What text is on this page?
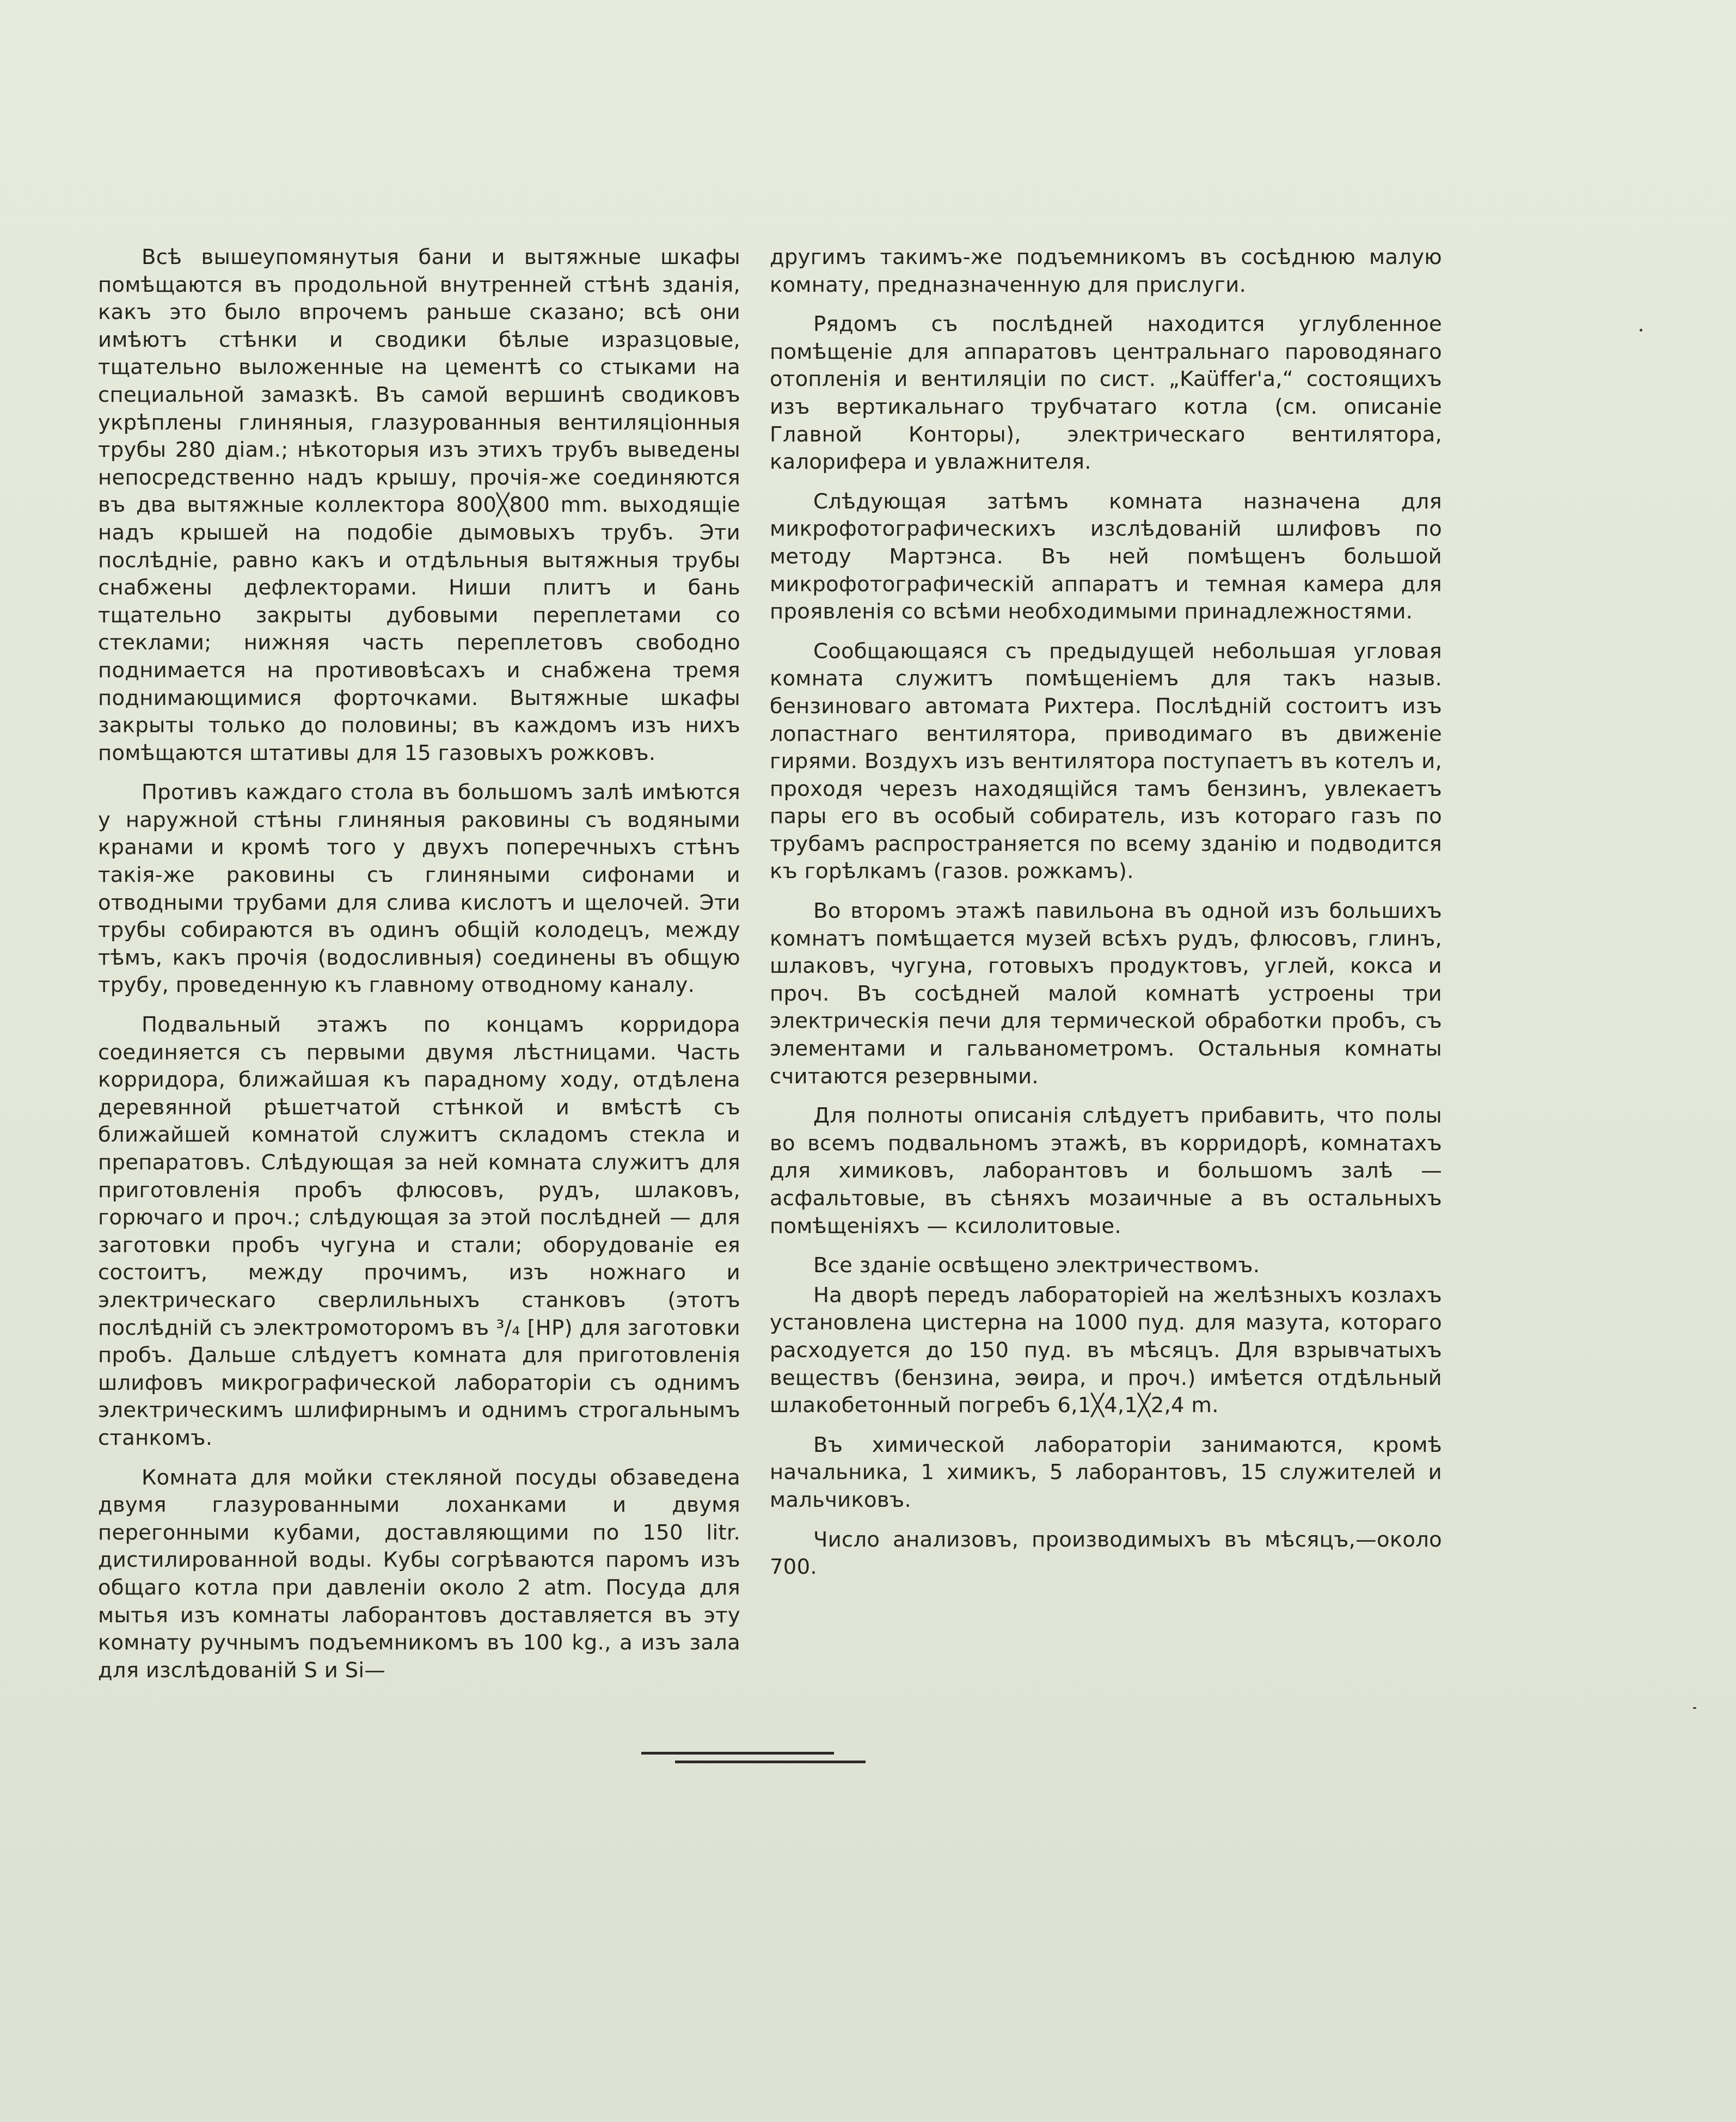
Всѣ вышеупомянутыя бани и вытяжные шкафы помѣщаются въ продольной внутренней стѣнѣ зданія, какъ это было впрочемъ раньше сказано; всѣ они имѣютъ стѣнки и сводики бѣлые изразцовые, тщательно выложенные на цементѣ со стыками на специальной замазкѣ. Въ самой вершинѣ сводиковъ укрѣплены глиняныя, глазурованныя вентиляціонныя трубы 280 діам.; нѣкоторыя изъ этихъ трубъ выведены непосредственно надъ крышу, прочія-же соединяются въ два вытяжные коллектора 800╳800 mm. выходящіе надъ крышей на подобіе дымовыхъ трубъ. Эти послѣдніе, равно какъ и отдѣльныя вытяжныя трубы снабжены дефлекторами. Ниши плитъ и бань тщательно закрыты дубовыми переплетами со стеклами; нижняя часть переплетовъ свободно поднимается на противовѣсахъ и снабжена тремя поднимающимися форточками. Вытяжные шкафы закрыты только до половины; въ каждомъ изъ нихъ помѣщаются штативы для 15 газовыхъ рожковъ.

Противъ каждаго стола въ большомъ залѣ имѣются у наружной стѣны глиняныя раковины съ водяными кранами и кромѣ того у двухъ поперечныхъ стѣнъ такія-же раковины съ глиняными сифонами и отводными трубами для слива кислотъ и щелочей. Эти трубы собираются въ одинъ общій колодецъ, между тѣмъ, какъ прочія (водосливныя) соединены въ общую трубу, проведенную къ главному отводному каналу.

Подвальный этажъ по концамъ корридора соединяется съ первыми двумя лѣстницами. Часть корридора, ближайшая къ парадному ходу, отдѣлена деревянной рѣшетчатой стѣнкой и вмѣстѣ съ ближайшей комнатой служитъ складомъ стекла и препаратовъ. Слѣдующая за ней комната служитъ для приготовленія пробъ флюсовъ, рудъ, шлаковъ, горючаго и проч.; слѣдующая за этой послѣдней — для заготовки пробъ чугуна и стали; оборудованіе ея состоитъ, между прочимъ, изъ ножнаго и электрическаго сверлильныхъ станковъ (этотъ послѣдній съ электромоторомъ въ ³/₄ [HP) для заготовки пробъ. Дальше слѣдуетъ комната для приготовленія шлифовъ микрографической лабораторіи съ однимъ электрическимъ шлифирнымъ и однимъ строгальнымъ станкомъ.

Комната для мойки стекляной посуды обзаведена двумя глазурованными лоханками и двумя перегонными кубами, доставляющими по 150 litr. дистилированной воды. Кубы согрѣваются паромъ изъ общаго котла при давленіи около 2 atm. Посуда для мытья изъ комнаты лаборантовъ доставляется въ эту комнату ручнымъ подъемникомъ въ 100 kg., а изъ зала для изслѣдованій S и Si—

другимъ такимъ-же подъемникомъ въ сосѣднюю малую комнату, предназначенную для прислуги.

Рядомъ съ послѣдней находится углубленное помѣщеніе для аппаратовъ центральнаго пароводянаго отопленія и вентиляціи по сист. „Kaüffer'a,“ состоящихъ изъ вертикальнаго трубчатаго котла (см. описаніе Главной Конторы), электрическаго вентилятора, калорифера и увлажнителя.

Слѣдующая затѣмъ комната назначена для микрофотографическихъ изслѣдованій шлифовъ по методу Мартэнса. Въ ней помѣщенъ большой микрофотографическій аппаратъ и темная камера для проявленія со всѣми необходимыми принадлежностями.

Сообщающаяся съ предыдущей небольшая угловая комната служитъ помѣщеніемъ для такъ назыв. бензиноваго автомата Рихтера. Послѣдній состоитъ изъ лопастнаго вентилятора, приводимаго въ движеніе гирями. Воздухъ изъ вентилятора поступаетъ въ котелъ и, проходя черезъ находящійся тамъ бензинъ, увлекаетъ пары его въ особый собиратель, изъ котораго газъ по трубамъ распространяется по всему зданію и подводится къ горѣлкамъ (газов. рожкамъ).

Во второмъ этажѣ павильона въ одной изъ большихъ комнатъ помѣщается музей всѣхъ рудъ, флюсовъ, глинъ, шлаковъ, чугуна, готовыхъ продуктовъ, углей, кокса и проч. Въ сосѣдней малой комнатѣ устроены три электрическія печи для термической обработки пробъ, съ элементами и гальванометромъ. Остальныя комнаты считаются резервными.

Для полноты описанія слѣдуетъ прибавить, что полы во всемъ подвальномъ этажѣ, въ корридорѣ, комнатахъ для химиковъ, лаборантовъ и большомъ залѣ — асфальтовые, въ сѣняхъ мозаичные а въ остальныхъ помѣщеніяхъ — ксилолитовые.

Все зданіе освѣщено электричествомъ.

На дворѣ передъ лабораторіей на желѣзныхъ козлахъ установлена цистерна на 1000 пуд. для мазута, котораго расходуется до 150 пуд. въ мѣсяцъ. Для взрывчатыхъ веществъ (бензина, эѳира, и проч.) имѣется отдѣльный шлакобетонный погребъ 6,1╳4,1╳2,4 m.

Въ химической лабораторіи занимаются, кромѣ начальника, 1 химикъ, 5 лаборантовъ, 15 служителей и мальчиковъ.

Число анализовъ, производимыхъ въ мѣсяцъ,—около 700.
